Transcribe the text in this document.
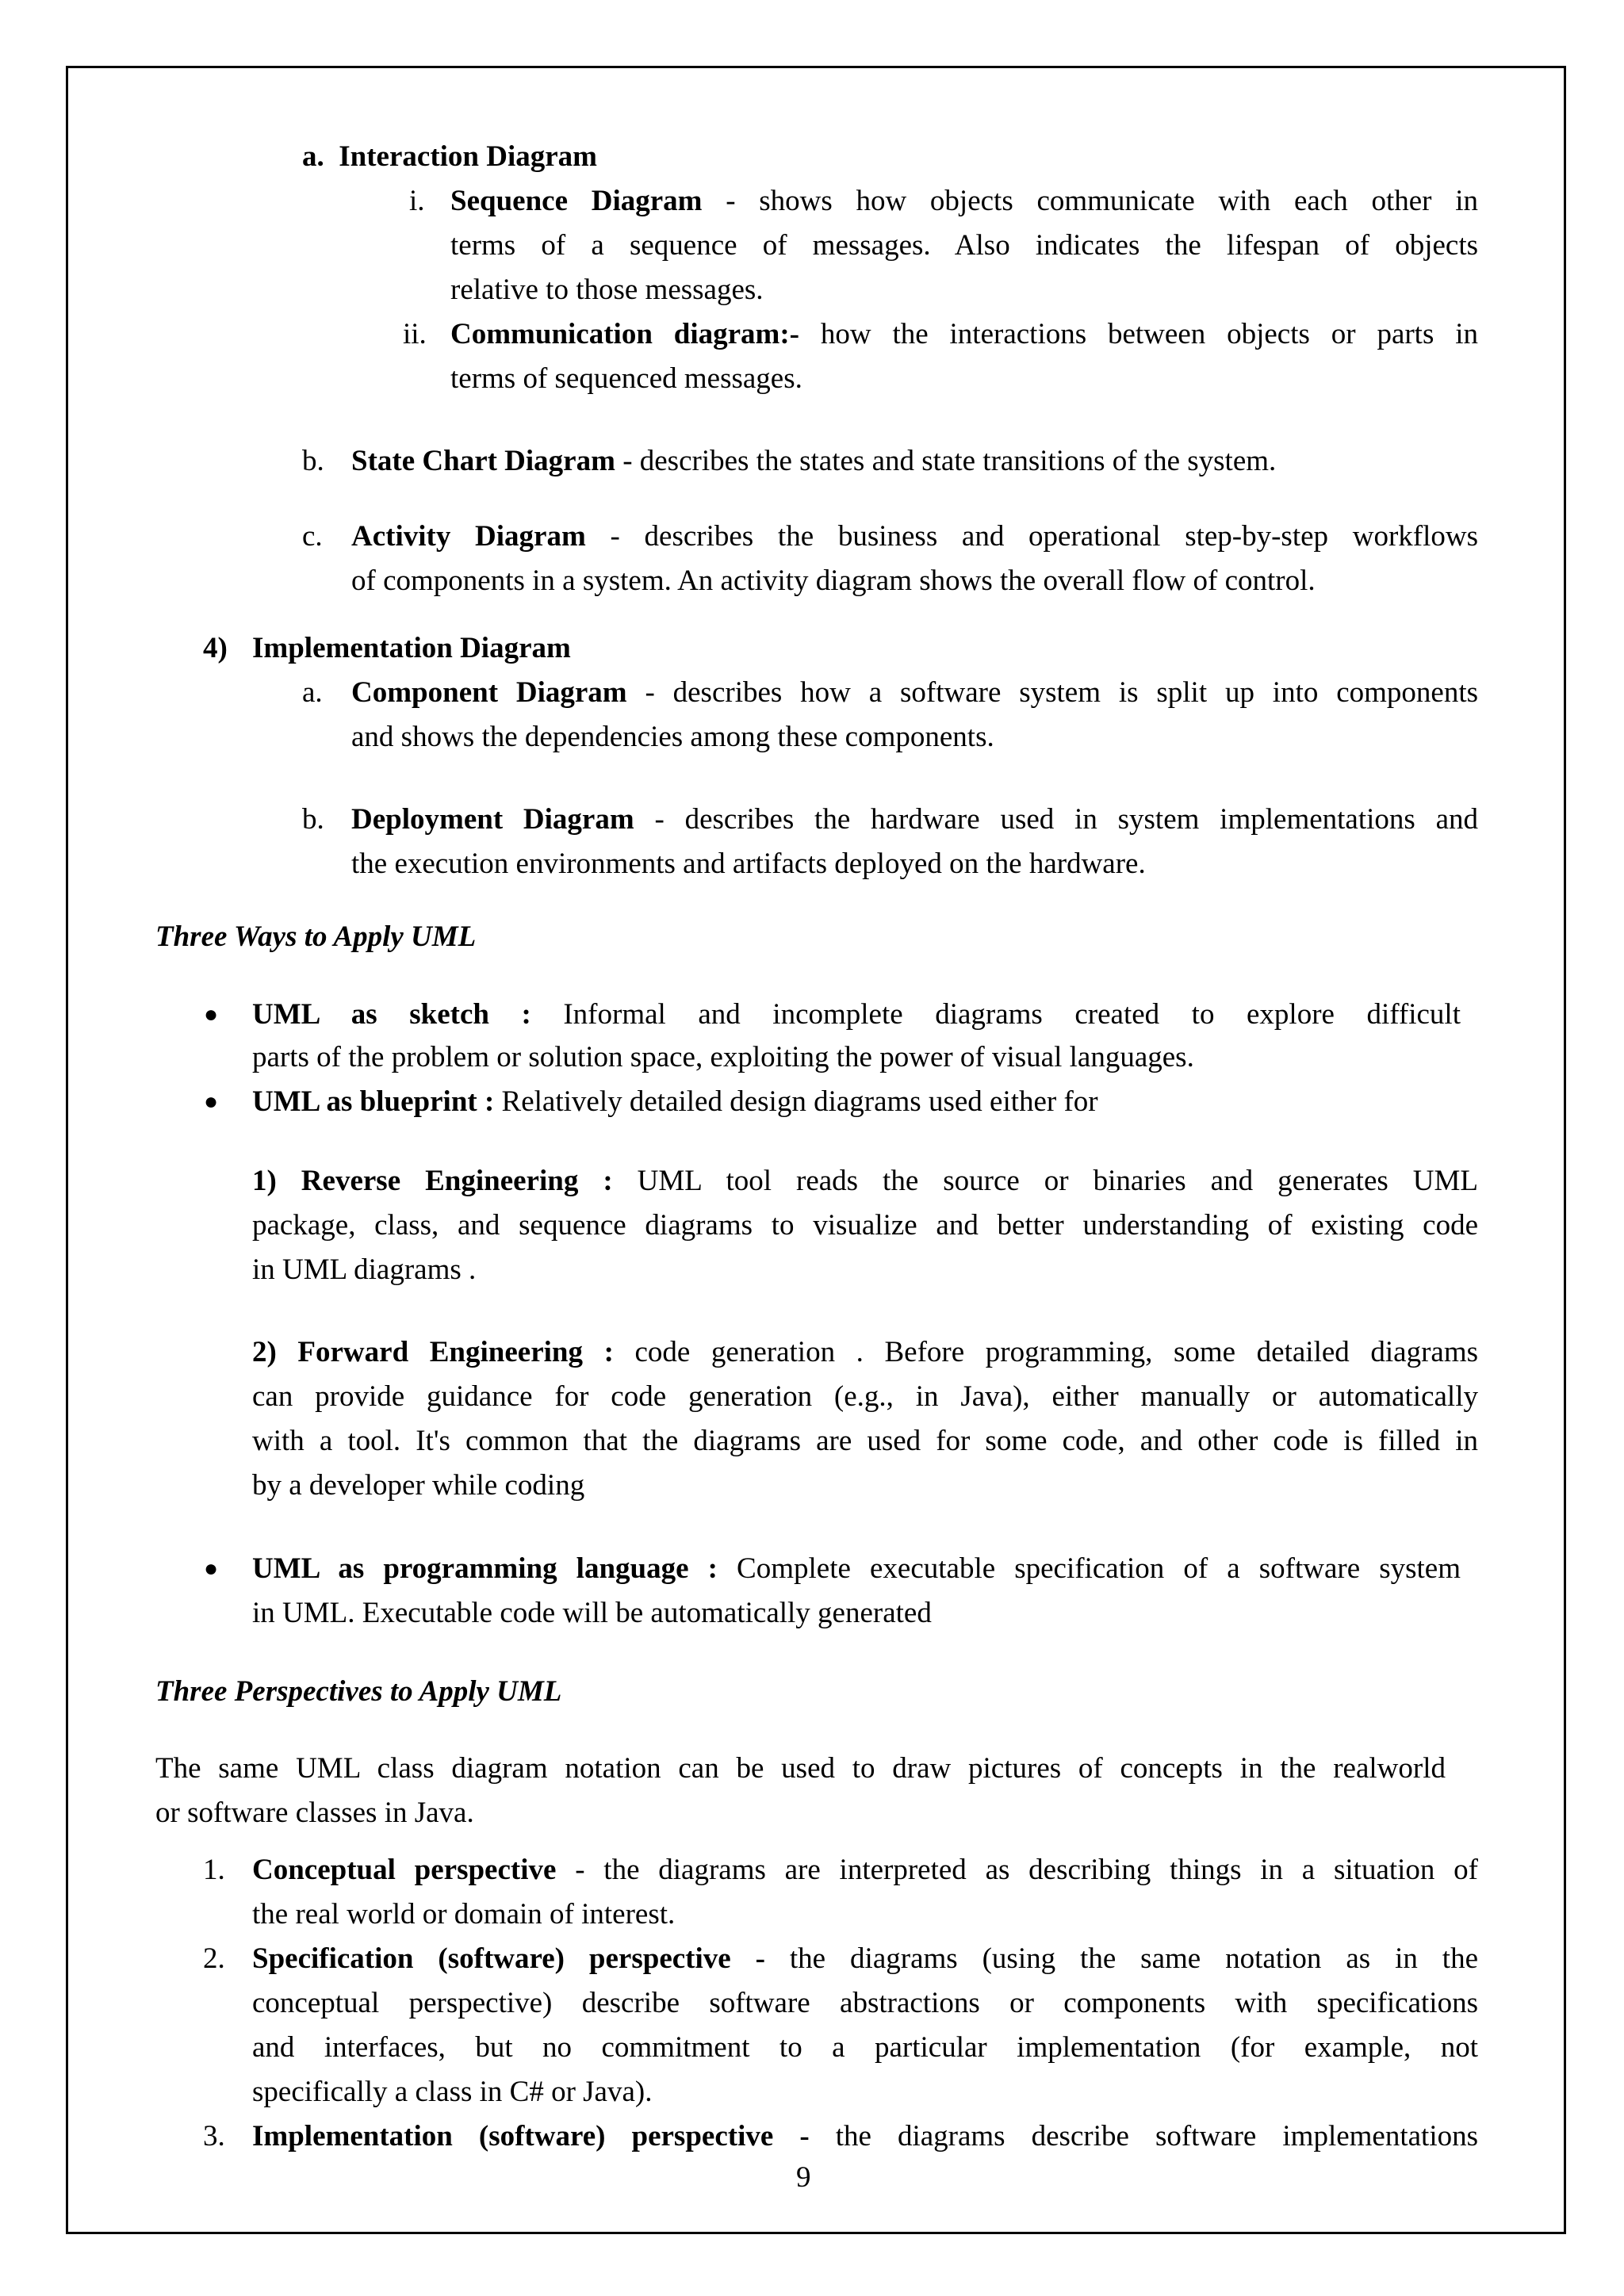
a. Interaction Diagram
i. Sequence Diagram - shows how objects communicate with each other in
terms of a sequence of messages. Also indicates the lifespan of objects
relative to those messages.
ii. Communication diagram:- how the interactions between objects or parts in
terms of sequenced messages.
b. State Chart Diagram - describes the states and state transitions of the system.
c. Activity Diagram - describes the business and operational step-by-step workflows
of components in a system. An activity diagram shows the overall flow of control.
4) Implementation Diagram
a. Component Diagram - describes how a software system is split up into components
and shows the dependencies among these components.
b. Deployment Diagram - describes the hardware used in system implementations and
the execution environments and artifacts deployed on the hardware.
Three Ways to Apply UML
● UML as sketch : Informal and incomplete diagrams created to explore difficult
parts of the problem or solution space, exploiting the power of visual languages.
● UML as blueprint : Relatively detailed design diagrams used either for
1) Reverse Engineering : UML tool reads the source or binaries and generates UML
package, class, and sequence diagrams to visualize and better understanding of existing code
in UML diagrams .
2) Forward Engineering : code generation . Before programming, some detailed diagrams
can provide guidance for code generation (e.g., in Java), either manually or automatically
with a tool. It's common that the diagrams are used for some code, and other code is filled in
by a developer while coding
● UML as programming language : Complete executable specification of a software system
in UML. Executable code will be automatically generated
Three Perspectives to Apply UML
The same UML class diagram notation can be used to draw pictures of concepts in the realworld
or software classes in Java.
1. Conceptual perspective - the diagrams are interpreted as describing things in a situation of
the real world or domain of interest.
2. Specification (software) perspective - the diagrams (using the same notation as in the
conceptual perspective) describe software abstractions or components with specifications
and interfaces, but no commitment to a particular implementation (for example, not
specifically a class in C# or Java).
3. Implementation (software) perspective - the diagrams describe software implementations
9
